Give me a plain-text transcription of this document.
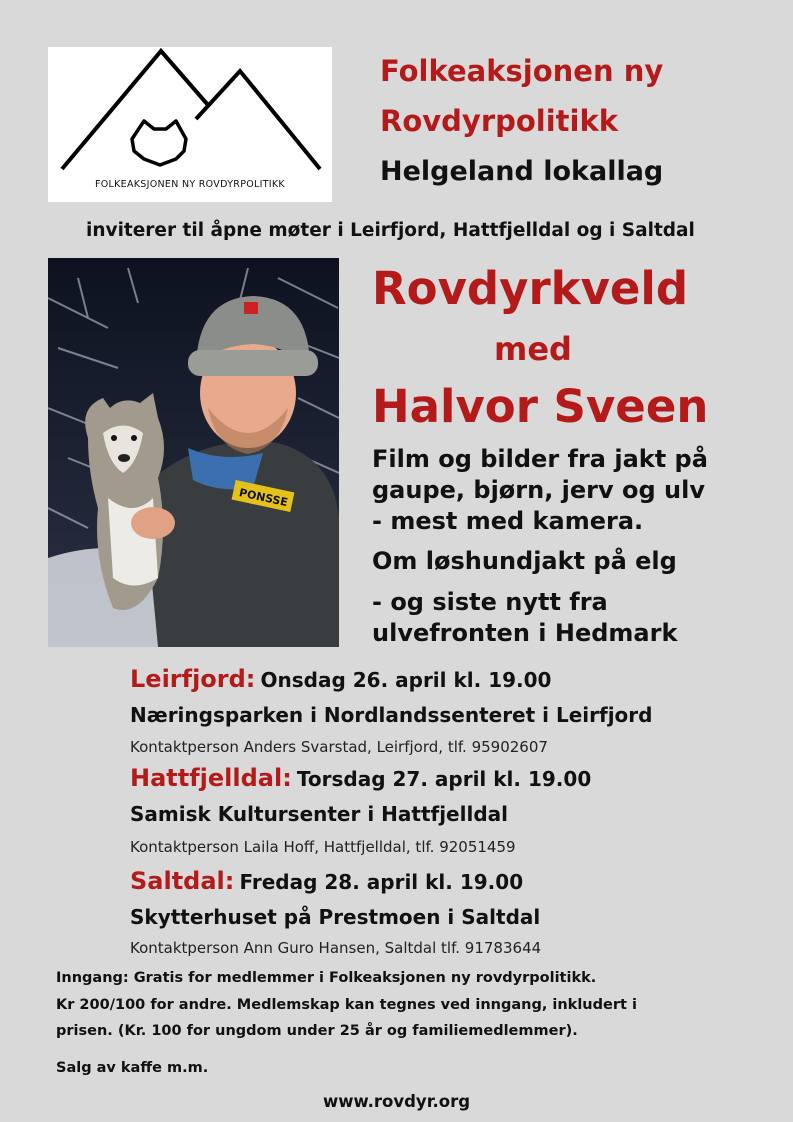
FOLKEAKSJONEN NY ROVDYRPOLITIKK
Folkeaksjonen ny
Rovdyrpolitikk
Helgeland lokallag
inviterer til åpne møter i Leirfjord, Hattfjelldal og i Saltdal
PONSSE
Rovdyrkveld
med
Halvor Sveen
Film og bilder fra jakt på
gaupe, bjørn, jerv og ulv
- mest med kamera.
Om løshundjakt på elg
- og siste nytt fra
ulvefronten i Hedmark
Leirfjord: Onsdag 26. april kl. 19.00
Næringsparken i Nordlandssenteret i Leirfjord
Kontaktperson Anders Svarstad, Leirfjord, tlf. 95902607
Hattfjelldal: Torsdag 27. april kl. 19.00
Samisk Kultursenter i Hattfjelldal
Kontaktperson Laila Hoff, Hattfjelldal, tlf. 92051459
Saltdal: Fredag 28. april kl. 19.00
Skytterhuset på Prestmoen i Saltdal
Kontaktperson Ann Guro Hansen, Saltdal tlf. 91783644
Inngang: Gratis for medlemmer i Folkeaksjonen ny rovdyrpolitikk.
Kr 200/100 for andre. Medlemskap kan tegnes ved inngang, inkludert i
prisen. (Kr. 100 for ungdom under 25 år og familiemedlemmer).
Salg av kaffe m.m.
www.rovdyr.org
